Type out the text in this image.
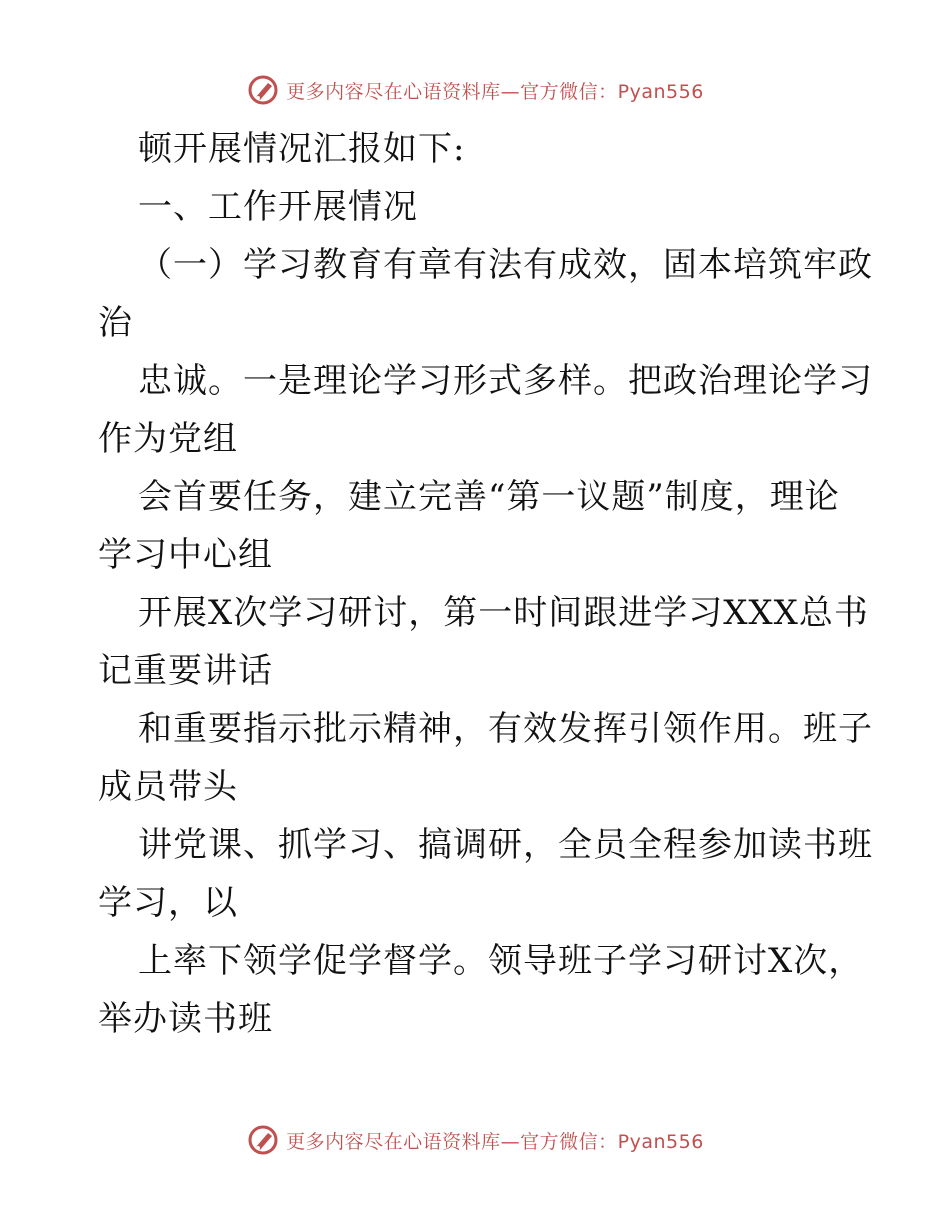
更多内容尽在心语资料库—官方微信：Pyan556
顿开展情况汇报如下:
一、工作开展情况
（一）学习教育有章有法有成效，固本培筑牢政
治
忠诚。一是理论学习形式多样。把政治理论学习
作为党组
会首要任务，建立完善“第一议题”制度，理论
学习中心组
开展X次学习研讨，第一时间跟进学习XXX总书
记重要讲话
和重要指示批示精神，有效发挥引领作用。班子
成员带头
讲党课、抓学习、搞调研，全员全程参加读书班
学习，以
上率下领学促学督学。领导班子学习研讨X次，
举办读书班
更多内容尽在心语资料库—官方微信：Pyan556
